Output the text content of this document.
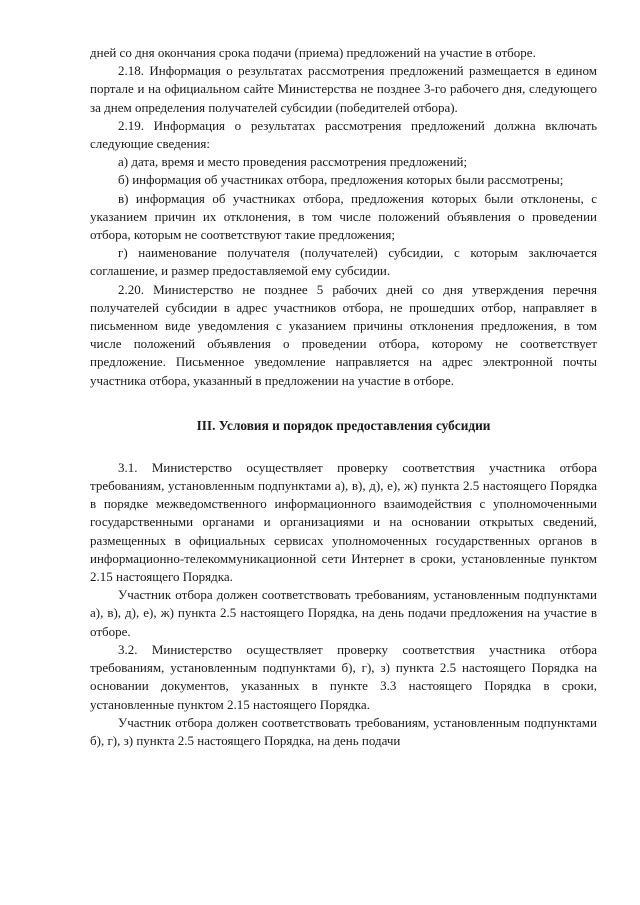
дней со дня окончания срока подачи (приема) предложений на участие в отборе.

2.18. Информация о результатах рассмотрения предложений размещается в едином портале и на официальном сайте Министерства не позднее 3-го рабочего дня, следующего за днем определения получателей субсидии (победителей отбора).

2.19. Информация о результатах рассмотрения предложений должна включать следующие сведения:

а) дата, время и место проведения рассмотрения предложений;

б) информация об участниках отбора, предложения которых были рассмотрены;

в) информация об участниках отбора, предложения которых были отклонены, с указанием причин их отклонения, в том числе положений объявления о проведении отбора, которым не соответствуют такие предложения;

г) наименование получателя (получателей) субсидии, с которым заключается соглашение, и размер предоставляемой ему субсидии.

2.20. Министерство не позднее 5 рабочих дней со дня утверждения перечня получателей субсидии в адрес участников отбора, не прошедших отбор, направляет в письменном виде уведомления с указанием причины отклонения предложения, в том числе положений объявления о проведении отбора, которому не соответствует предложение. Письменное уведомление направляется на адрес электронной почты участника отбора, указанный в предложении на участие в отборе.

III. Условия и порядок предоставления субсидии

3.1. Министерство осуществляет проверку соответствия участника отбора требованиям, установленным подпунктами а), в), д), е), ж) пункта 2.5 настоящего Порядка в порядке межведомственного информационного взаимодействия с уполномоченными государственными органами и организациями и на основании открытых сведений, размещенных в официальных сервисах уполномоченных государственных органов в информационно-телекоммуникационной сети Интернет в сроки, установленные пунктом 2.15 настоящего Порядка.

Участник отбора должен соответствовать требованиям, установленным подпунктами а), в), д), е), ж) пункта 2.5 настоящего Порядка, на день подачи предложения на участие в отборе.

3.2. Министерство осуществляет проверку соответствия участника отбора требованиям, установленным подпунктами б), г), з) пункта 2.5 настоящего Порядка на основании документов, указанных в пункте 3.3 настоящего Порядка в сроки, установленные пунктом 2.15 настоящего Порядка.

Участник отбора должен соответствовать требованиям, установленным подпунктами б), г), з) пункта 2.5 настоящего Порядка, на день подачи
